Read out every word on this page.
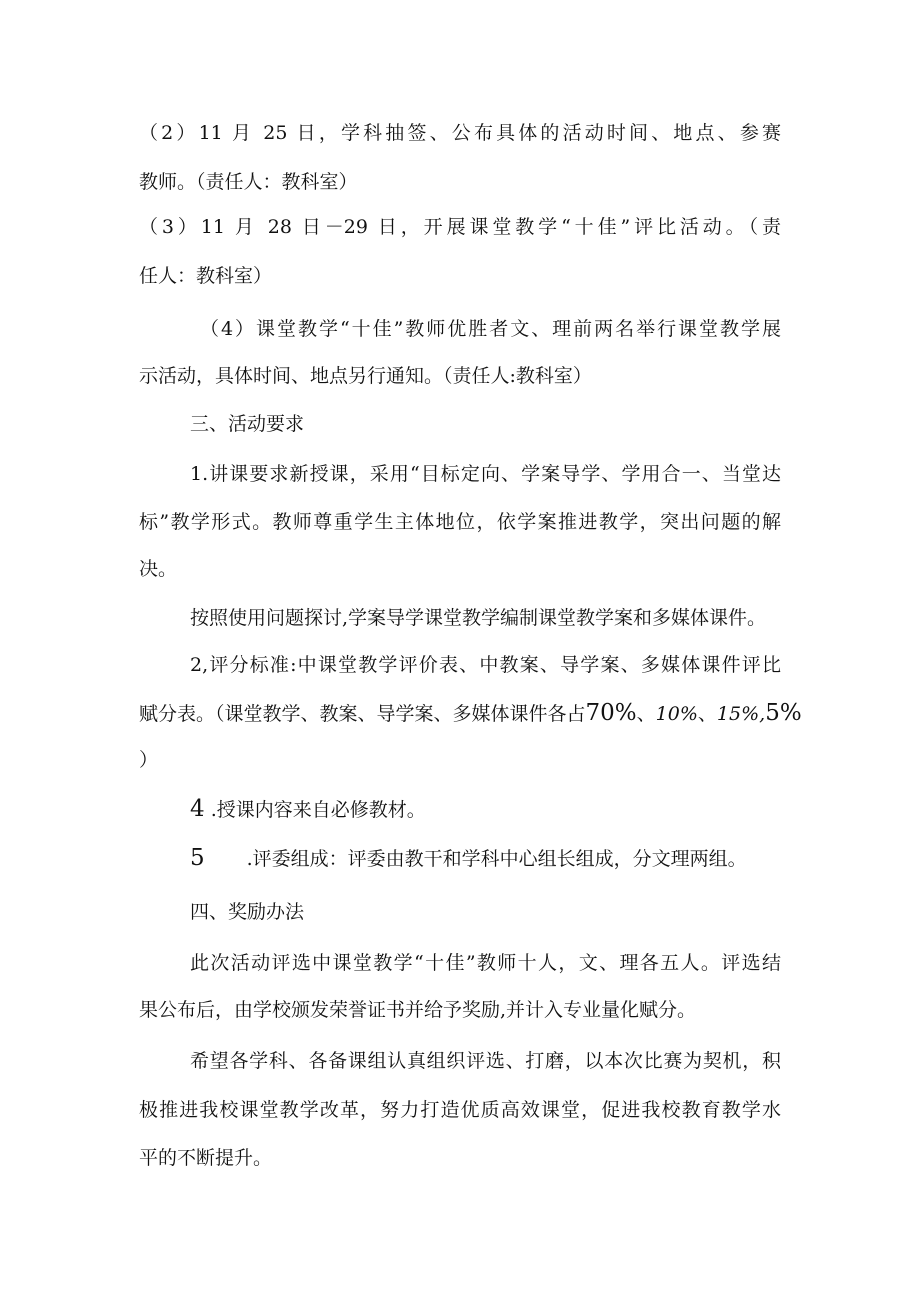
（2）11 月 25 日，学科抽签、公布具体的活动时间、地点、参赛
教师。（责任人：教科室）
（3）11 月 28 日－29 日，开展课堂教学“十佳”评比活动。（责
任人：教科室）
（4）课堂教学“十佳”教师优胜者文、理前两名举行课堂教学展
示活动，具体时间、地点另行通知。（责任人:教科室）
三、活动要求
1.讲课要求新授课，采用“目标定向、学案导学、学用合一、当堂达
标”教学形式。教师尊重学生主体地位，依学案推进教学，突出问题的解
决。
按照使用问题探讨,学案导学课堂教学编制课堂教学案和多媒体课件。
2,评分标准:中课堂教学评价表、中教案、导学案、多媒体课件评比
赋分表。（课堂教学、教案、导学案、多媒体课件各占70%、10%、15%,5%
）
4 .授课内容来自必修教材。
5 .评委组成：评委由教干和学科中心组长组成，分文理两组。
四、奖励办法
此次活动评选中课堂教学“十佳”教师十人，文、理各五人。评选结
果公布后，由学校颁发荣誉证书并给予奖励,并计入专业量化赋分。
希望各学科、各备课组认真组织评选、打磨，以本次比赛为契机，积
极推进我校课堂教学改革，努力打造优质高效课堂，促进我校教育教学水
平的不断提升。
